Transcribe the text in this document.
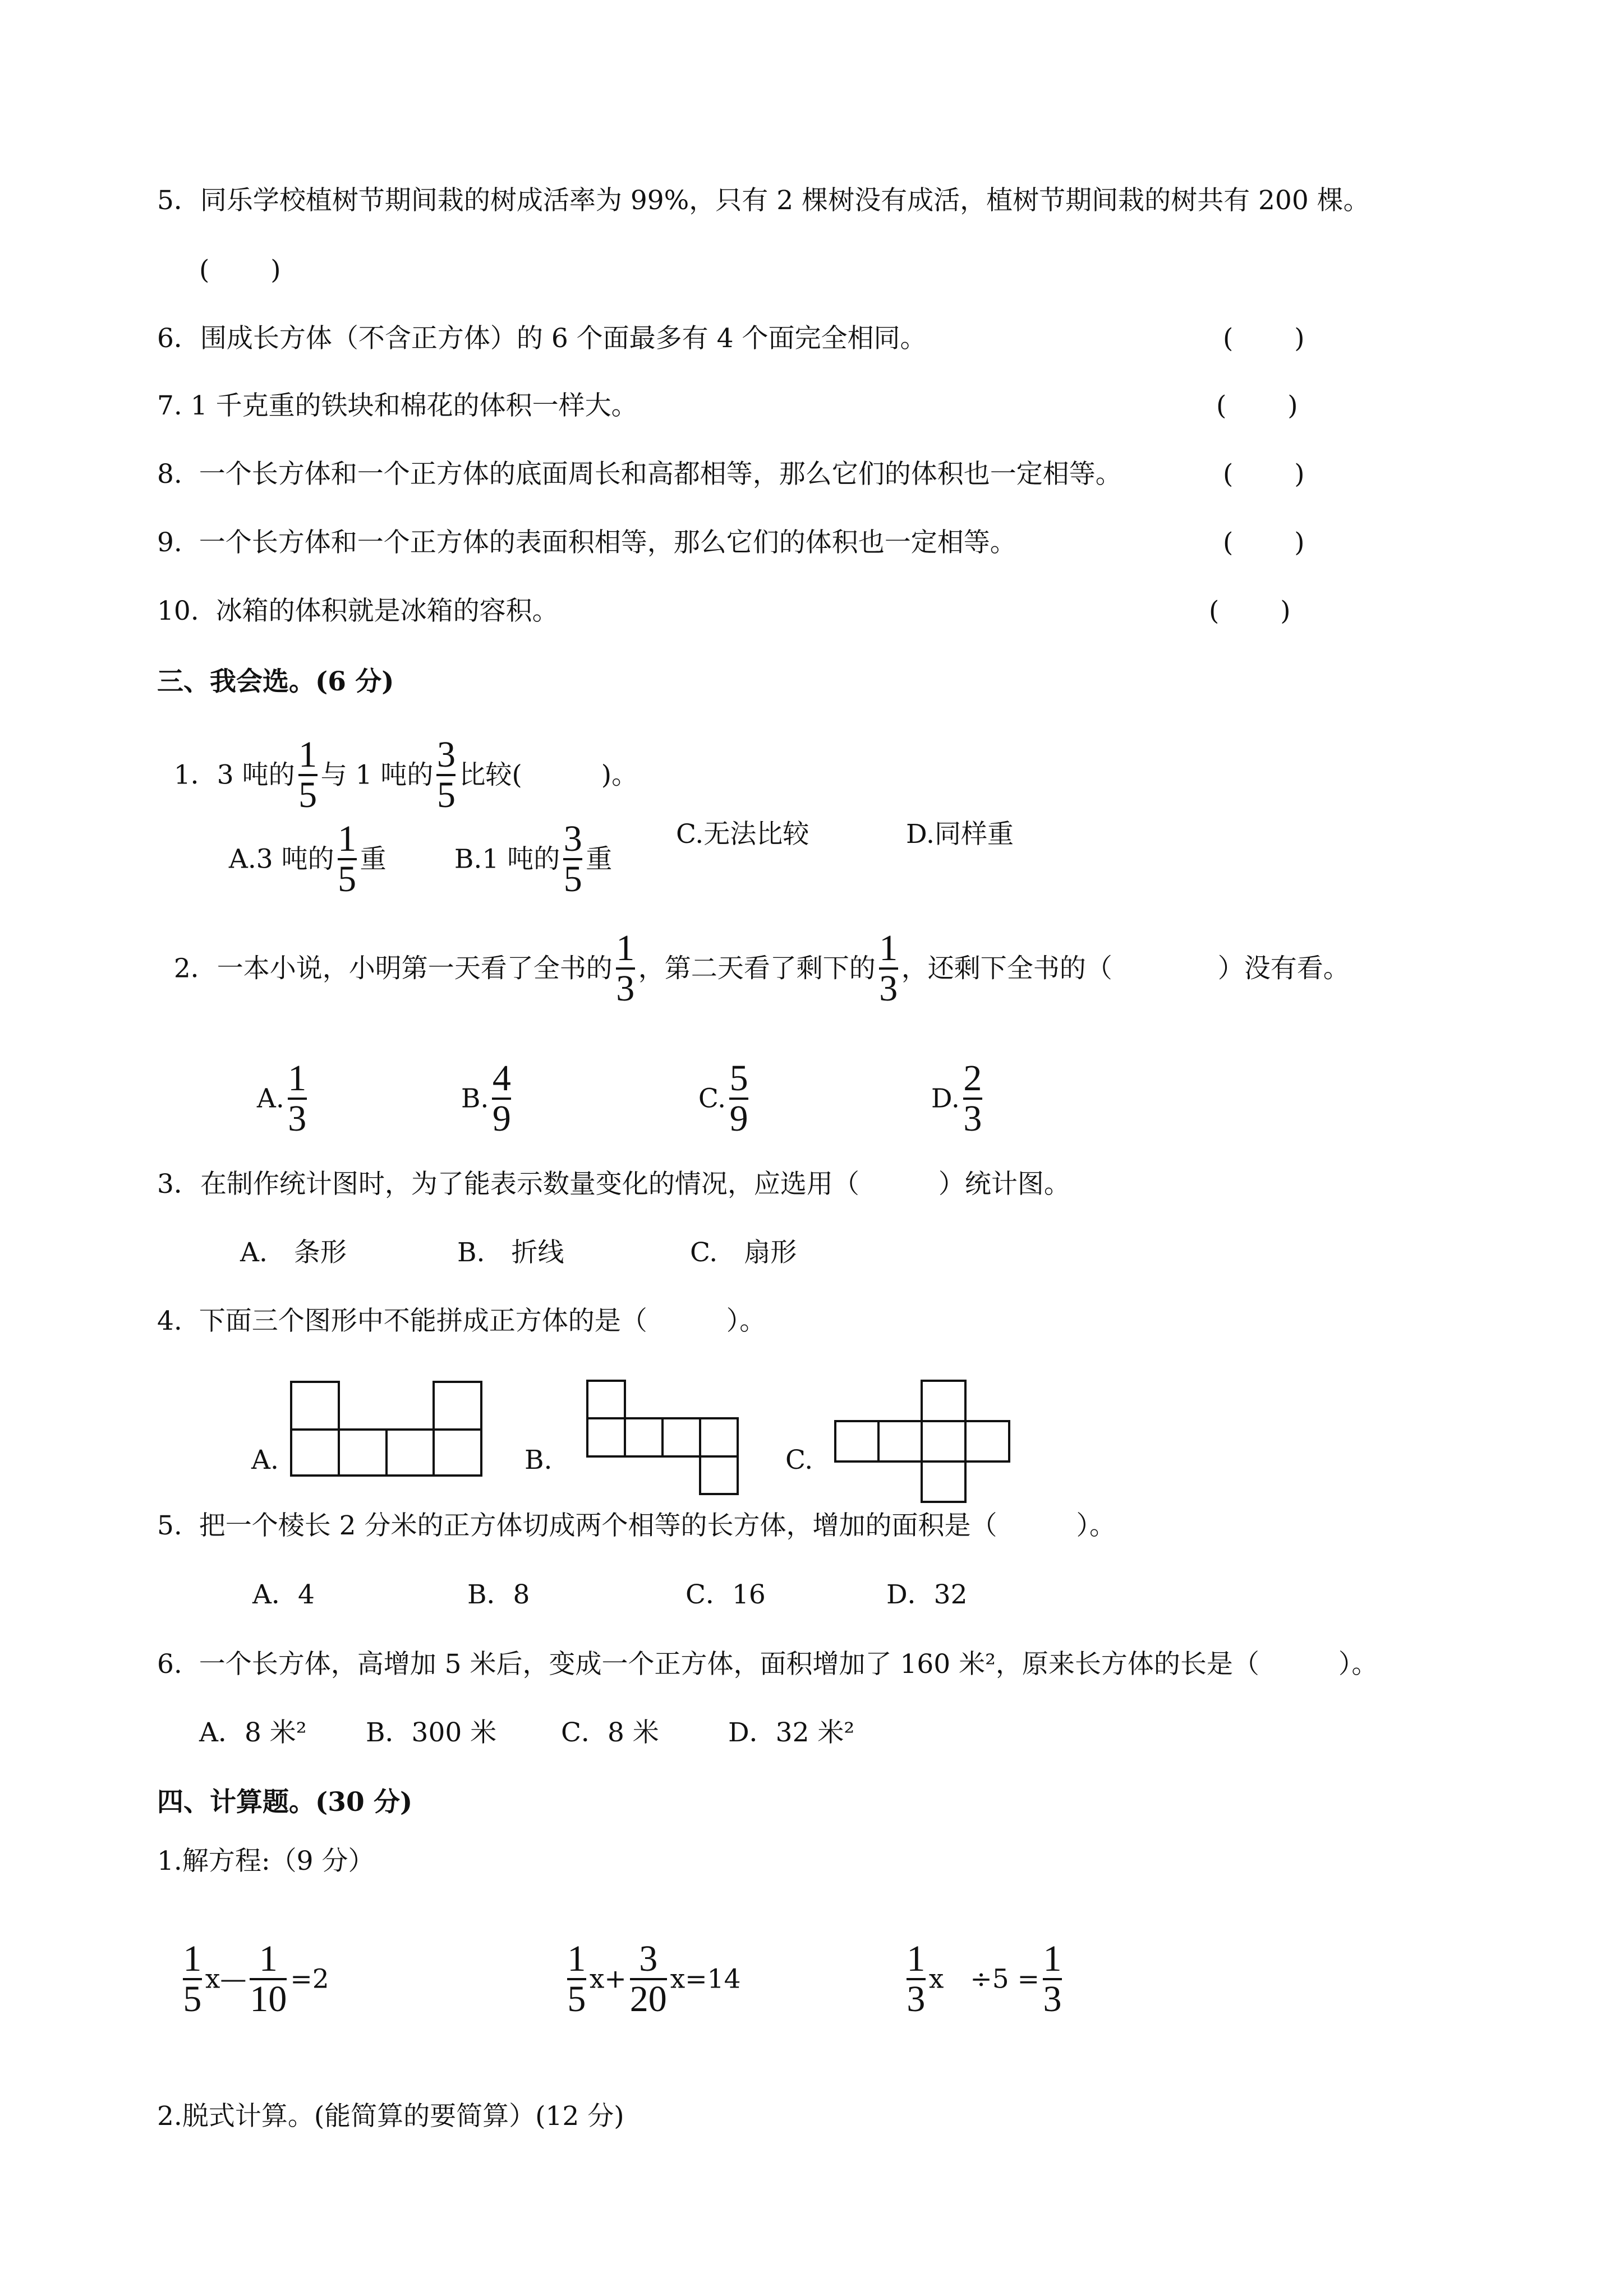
5．同乐学校植树节期间栽的树成活率为 99%，只有 2 棵树没有成活，植树节期间栽的树共有 200 棵。
(　　 )
6．围成长方体（不含正方体）的 6 个面最多有 4 个面完全相同。	(　　 )
7. 1 千克重的铁块和棉花的体积一样大。	(　　 )
8.  一个长方体和一个正方体的底面周长和高都相等，那么它们的体积也一定相等。	(　　 )
9.  一个长方体和一个正方体的表面积相等，那么它们的体积也一定相等。	(　　 )
10.  冰箱的体积就是冰箱的容积。	(　　 )
三、我会选。(6 分)

1．3 吨的 $\frac{1}{5}$ 与 1 吨的 $\frac{3}{5}$ 比较(　　　)。

A.3 吨的 $\frac{1}{5}$ 重	B.1 吨的 $\frac{3}{5}$ 重

C.无法比较	D.同样重

2．一本小说，小明第一天看了全书的 $\frac{1}{3}$ ，第二天看了剩下的 $\frac{1}{3}$ ，还剩下全书的（　　　　）没有看。

A. $\frac{1}{3}$	B. $\frac{4}{9}$	C. $\frac{5}{9}$	D. $\frac{2}{3}$

3．在制作统计图时，为了能表示数量变化的情况，应选用（　　　）统计图。
A.　条形	B.　折线	C.　扇形
4.  下面三个图形中不能拼成正方体的是（　　　）。
A.	B.	C.
5.  把一个棱长 2 分米的正方体切成两个相等的长方体，增加的面积是（　　　）。
A．4	B．8	C．16	D．32
6.  一个长方体，高增加 5 米后，变成一个正方体，面积增加了 160 米²，原来长方体的长是（　　　）。
A．8 米² B．300 米 C．8 米	D．32 米²
四、计算题。(30 分)
1.解方程:（9 分）

$\frac{1}{5}$ x— $\frac{1}{10} =2$

	$\frac{1}{5} x+ \frac{3}{20} x=14$

	$\frac{1}{3}$ x　$\div 5 = \frac{1}{3}$

2.脱式计算。(能简算的要简算）(12 分)
